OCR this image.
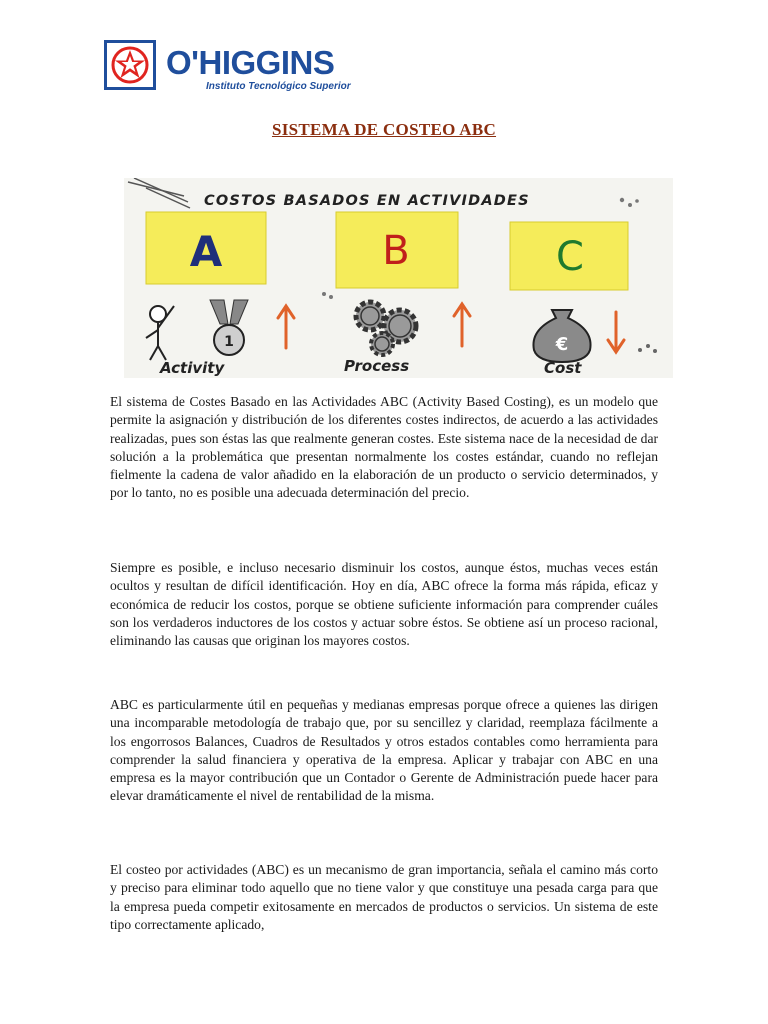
O'HIGGINS
Instituto Tecnológico Superior
SISTEMA DE COSTEO ABC
COSTOS BASADOS EN ACTIVIDADES
A	B	C
1
Activity	Process
€
Cost

El sistema de Costes Basado en las Actividades ABC (Activity Based Costing), es un modelo que permite la asignación y distribución de los diferentes costes indirectos, de acuerdo a las actividades realizadas, pues son éstas las que realmente generan costes. Este sistema nace de la necesidad de dar solución a la problemática que presentan normalmente los costes estándar, cuando no reflejan fielmente la cadena de valor añadido en la elaboración de un producto o servicio determinados, y por lo tanto, no es posible una adecuada determinación del precio.

Siempre es posible, e incluso necesario disminuir los costos, aunque éstos, muchas veces están ocultos y resultan de difícil identificación. Hoy en día, ABC ofrece la forma más rápida, eficaz y económica de reducir los costos, porque se obtiene suficiente información para comprender cuáles son los verdaderos inductores de los costos y actuar sobre éstos. Se obtiene así un proceso racional, eliminando las causas que originan los mayores costos.

ABC es particularmente útil en pequeñas y medianas empresas porque ofrece a quienes las dirigen una incomparable metodología de trabajo que, por su sencillez y claridad, reemplaza fácilmente a los engorrosos Balances, Cuadros de Resultados y otros estados contables como herramienta para comprender la salud financiera y operativa de la empresa. Aplicar y trabajar con ABC en una empresa es la mayor contribución que un Contador o Gerente de Administración puede hacer para elevar dramáticamente el nivel de rentabilidad de la misma.

El costeo por actividades (ABC) es un mecanismo de gran importancia, señala el camino más corto y preciso para eliminar todo aquello que no tiene valor y que constituye una pesada carga para que la empresa pueda competir exitosamente en mercados de productos o servicios. Un sistema de este tipo correctamente aplicado,
